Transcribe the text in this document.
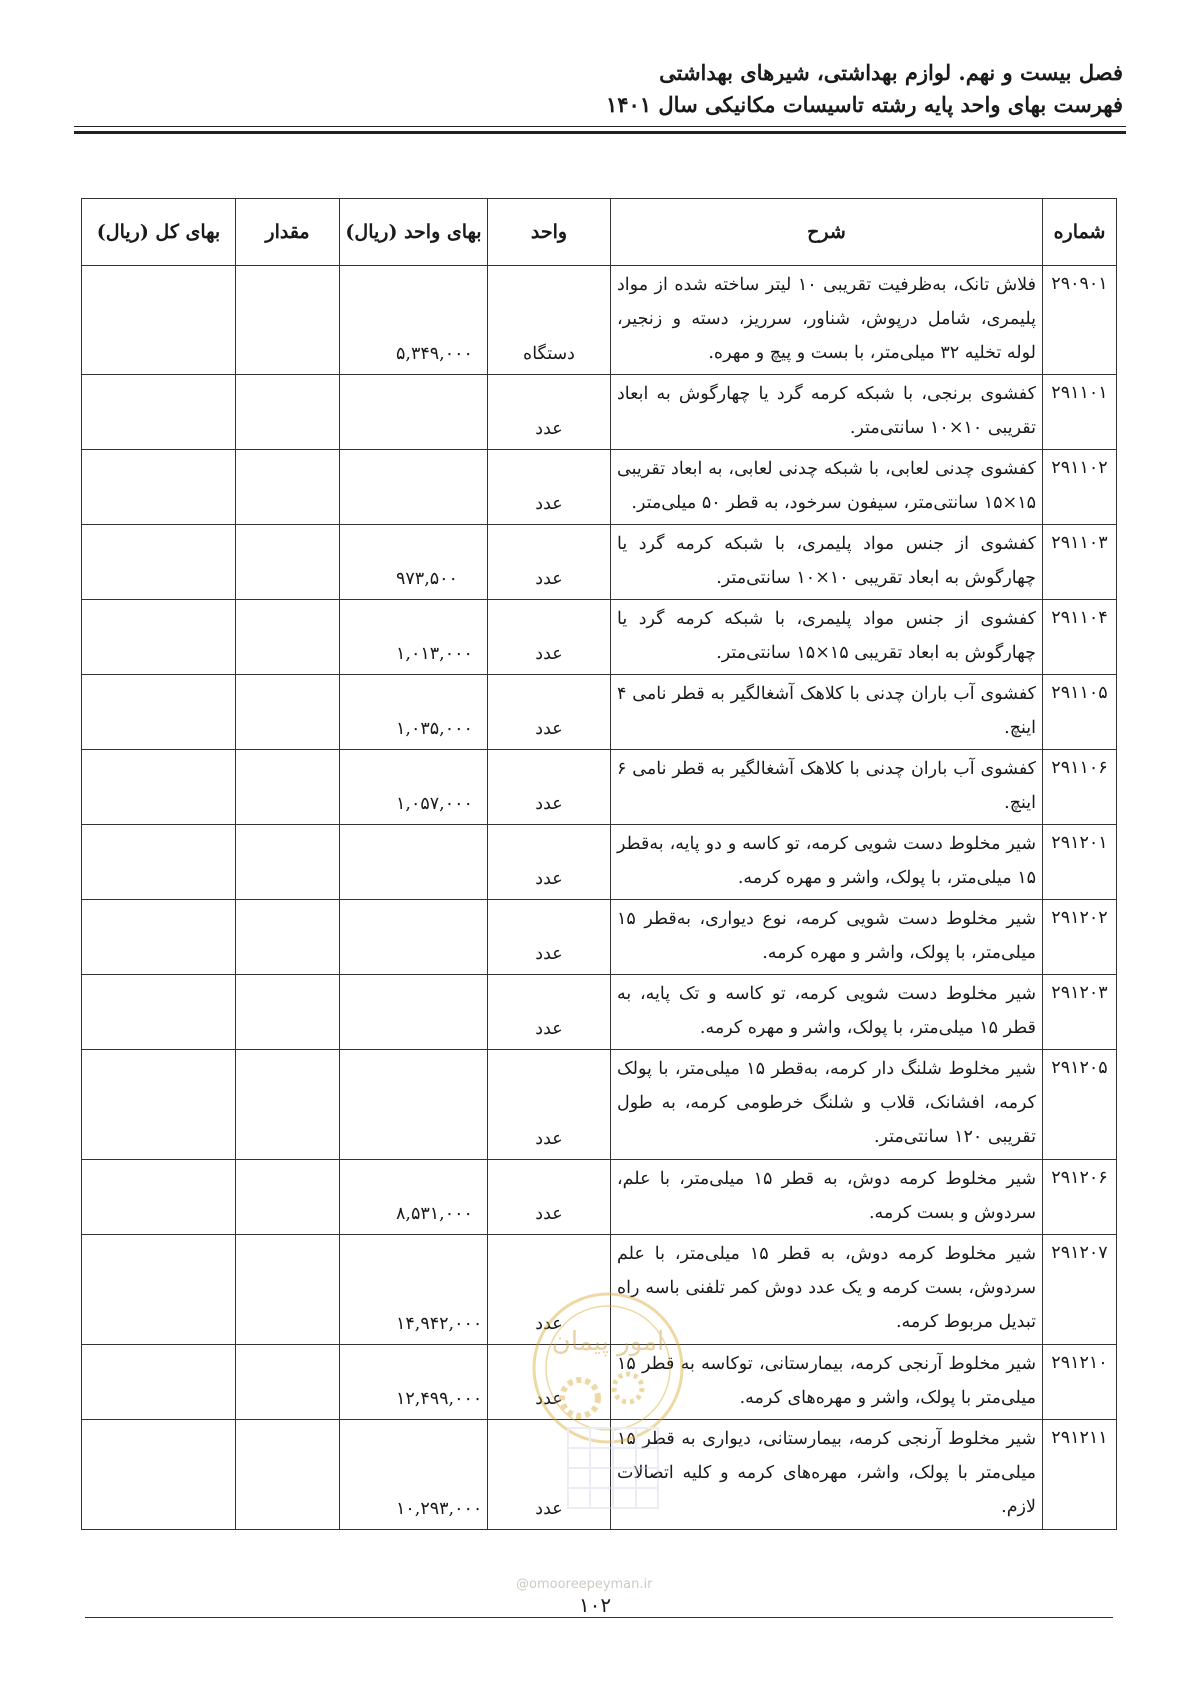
فصل بیست و نهم. لوازم بهداشتی، شیرهای بهداشتی
فهرست بهای واحد پایه رشته تاسیسات مکانیکی سال ۱۴۰۱
شماره	شرح	واحد	بهای واحد (ریال)	مقدار	بهای کل (ریال)
۲۹۰۹۰۱	فلاش تانک، به‌ظرفیت تقریبی ۱۰ لیتر ساخته شده از مواد پلیمری، شامل درپوش، شناور، سرریز، دسته و زنجیر، لوله تخلیه ۳۲ میلی‌متر، با بست و پیچ و مهره.	دستگاه	۵,۳۴۹,۰۰۰		
۲۹۱۱۰۱	کفشوی برنجی، با شبکه کرمه گرد یا چهارگوش به ابعاد تقریبی ۱۰×۱۰ سانتی‌متر.	عدد			
۲۹۱۱۰۲	کفشوی چدنی لعابی، با شبکه چدنی لعابی، به ابعاد تقریبی ۱۵×۱۵ سانتی‌متر، سیفون سرخود، به قطر ۵۰ میلی‌متر.	عدد			
۲۹۱۱۰۳	کفشوی از جنس مواد پلیمری، با شبکه کرمه گرد یا چهارگوش به ابعاد تقریبی ۱۰×۱۰ سانتی‌متر.	عدد	۹۷۳,۵۰۰		
۲۹۱۱۰۴	کفشوی از جنس مواد پلیمری، با شبکه کرمه گرد یا چهارگوش به ابعاد تقریبی ۱۵×۱۵ سانتی‌متر.	عدد	۱,۰۱۳,۰۰۰		
۲۹۱۱۰۵	کفشوی آب باران چدنی با کلاهک آشغالگیر به قطر نامی ۴ اینچ.	عدد	۱,۰۳۵,۰۰۰		
۲۹۱۱۰۶	کفشوی آب باران چدنی با کلاهک آشغالگیر به قطر نامی ۶ اینچ.	عدد	۱,۰۵۷,۰۰۰		
۲۹۱۲۰۱	شیر مخلوط دست شویی کرمه، تو کاسه و دو پایه، به‌قطر ۱۵ میلی‌متر، با پولک، واشر و مهره کرمه.	عدد			
۲۹۱۲۰۲	شیر مخلوط دست شویی کرمه، نوع دیواری، به‌قطر ۱۵ میلی‌متر، با پولک، واشر و مهره کرمه.	عدد			
۲۹۱۲۰۳	شیر مخلوط دست شویی کرمه، تو کاسه و تک پایه، به قطر ۱۵ میلی‌متر، با پولک، واشر و مهره کرمه.	عدد			
۲۹۱۲۰۵	شیر مخلوط شلنگ دار کرمه، به‌قطر ۱۵ میلی‌متر، با پولک کرمه، افشانک، قلاب و شلنگ خرطومی کرمه، به طول تقریبی ۱۲۰ سانتی‌متر.	عدد			
۲۹۱۲۰۶	شیر مخلوط کرمه دوش، به قطر ۱۵ میلی‌متر، با علم، سردوش و بست کرمه.	عدد	۸,۵۳۱,۰۰۰		
۲۹۱۲۰۷	شیر مخلوط کرمه دوش، به قطر ۱۵ میلی‌متر، با علم سردوش، بست کرمه و یک عدد دوش کمر تلفنی باسه راه تبدیل مربوط کرمه.	عدد	۱۴,۹۴۲,۰۰۰		
۲۹۱۲۱۰	شیر مخلوط آرنجی کرمه، بیمارستانی، توکاسه به قطر ۱۵ میلی‌متر با پولک، واشر و مهره‌های کرمه.	عدد	۱۲,۴۹۹,۰۰۰		
۲۹۱۲۱۱	شیر مخلوط آرنجی کرمه، بیمارستانی، دیواری به قطر ۱۵ میلی‌متر با پولک، واشر، مهره‌های کرمه و کلیه اتصالات لازم.	عدد	۱۰,۲۹۳,۰۰۰		
امور پیمان
@omooreepeyman.ir
۱۰۲
